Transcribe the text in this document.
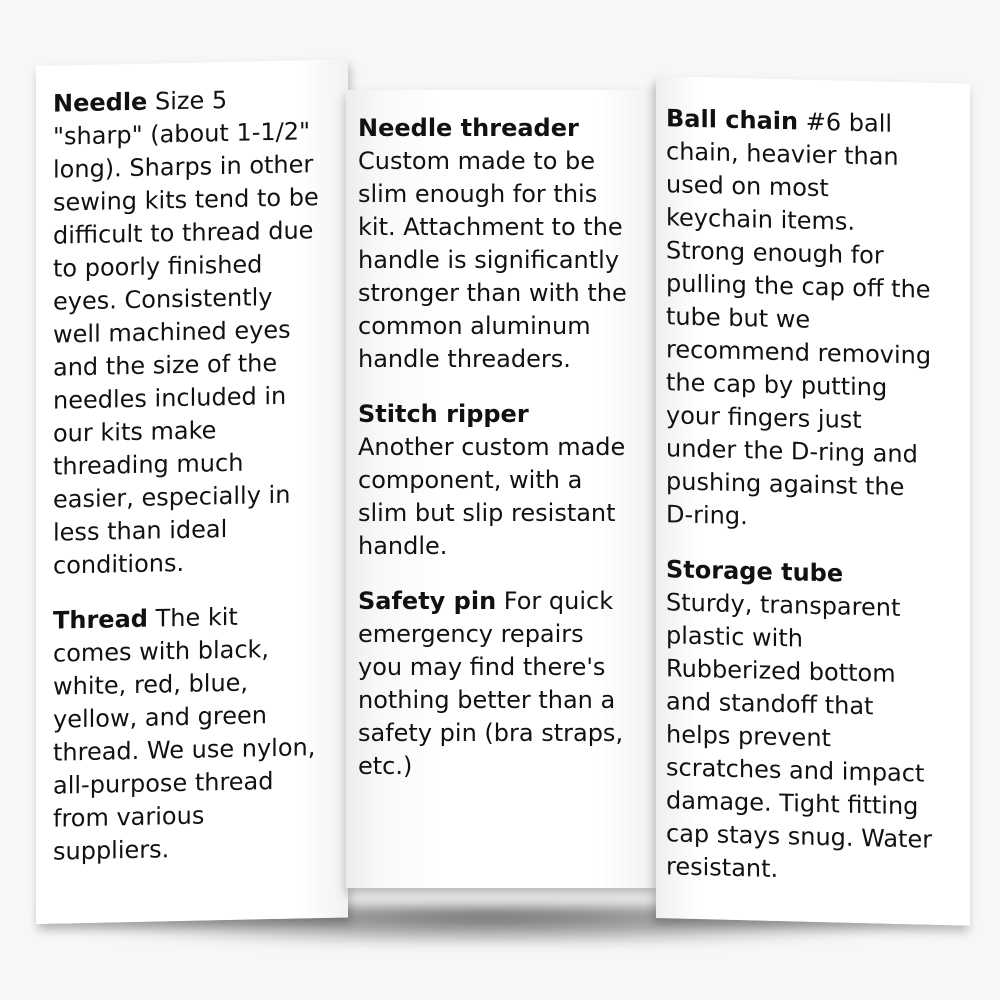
Needle Size 5
"sharp" (about 1-1/2"
long). Sharps in other
sewing kits tend to be
difficult to thread due
to poorly finished
eyes. Consistently
well machined eyes
and the size of the
needles included in
our kits make
threading much
easier, especially in
less than ideal
conditions.
Thread The kit
comes with black,
white, red, blue,
yellow, and green
thread. We use nylon,
all-purpose thread
from various
suppliers.
Needle threader
Custom made to be
slim enough for this
kit. Attachment to the
handle is significantly
stronger than with the
common aluminum
handle threaders.
Stitch ripper
Another custom made
component, with a
slim but slip resistant
handle.
Safety pin For quick
emergency repairs
you may find there's
nothing better than a
safety pin (bra straps,
etc.)
Ball chain #6 ball
chain, heavier than
used on most
keychain items.
Strong enough for
pulling the cap off the
tube but we
recommend removing
the cap by putting
your fingers just
under the D-ring and
pushing against the
D-ring.
Storage tube
Sturdy, transparent
plastic with
Rubberized bottom
and standoff that
helps prevent
scratches and impact
damage. Tight fitting
cap stays snug. Water
resistant.
